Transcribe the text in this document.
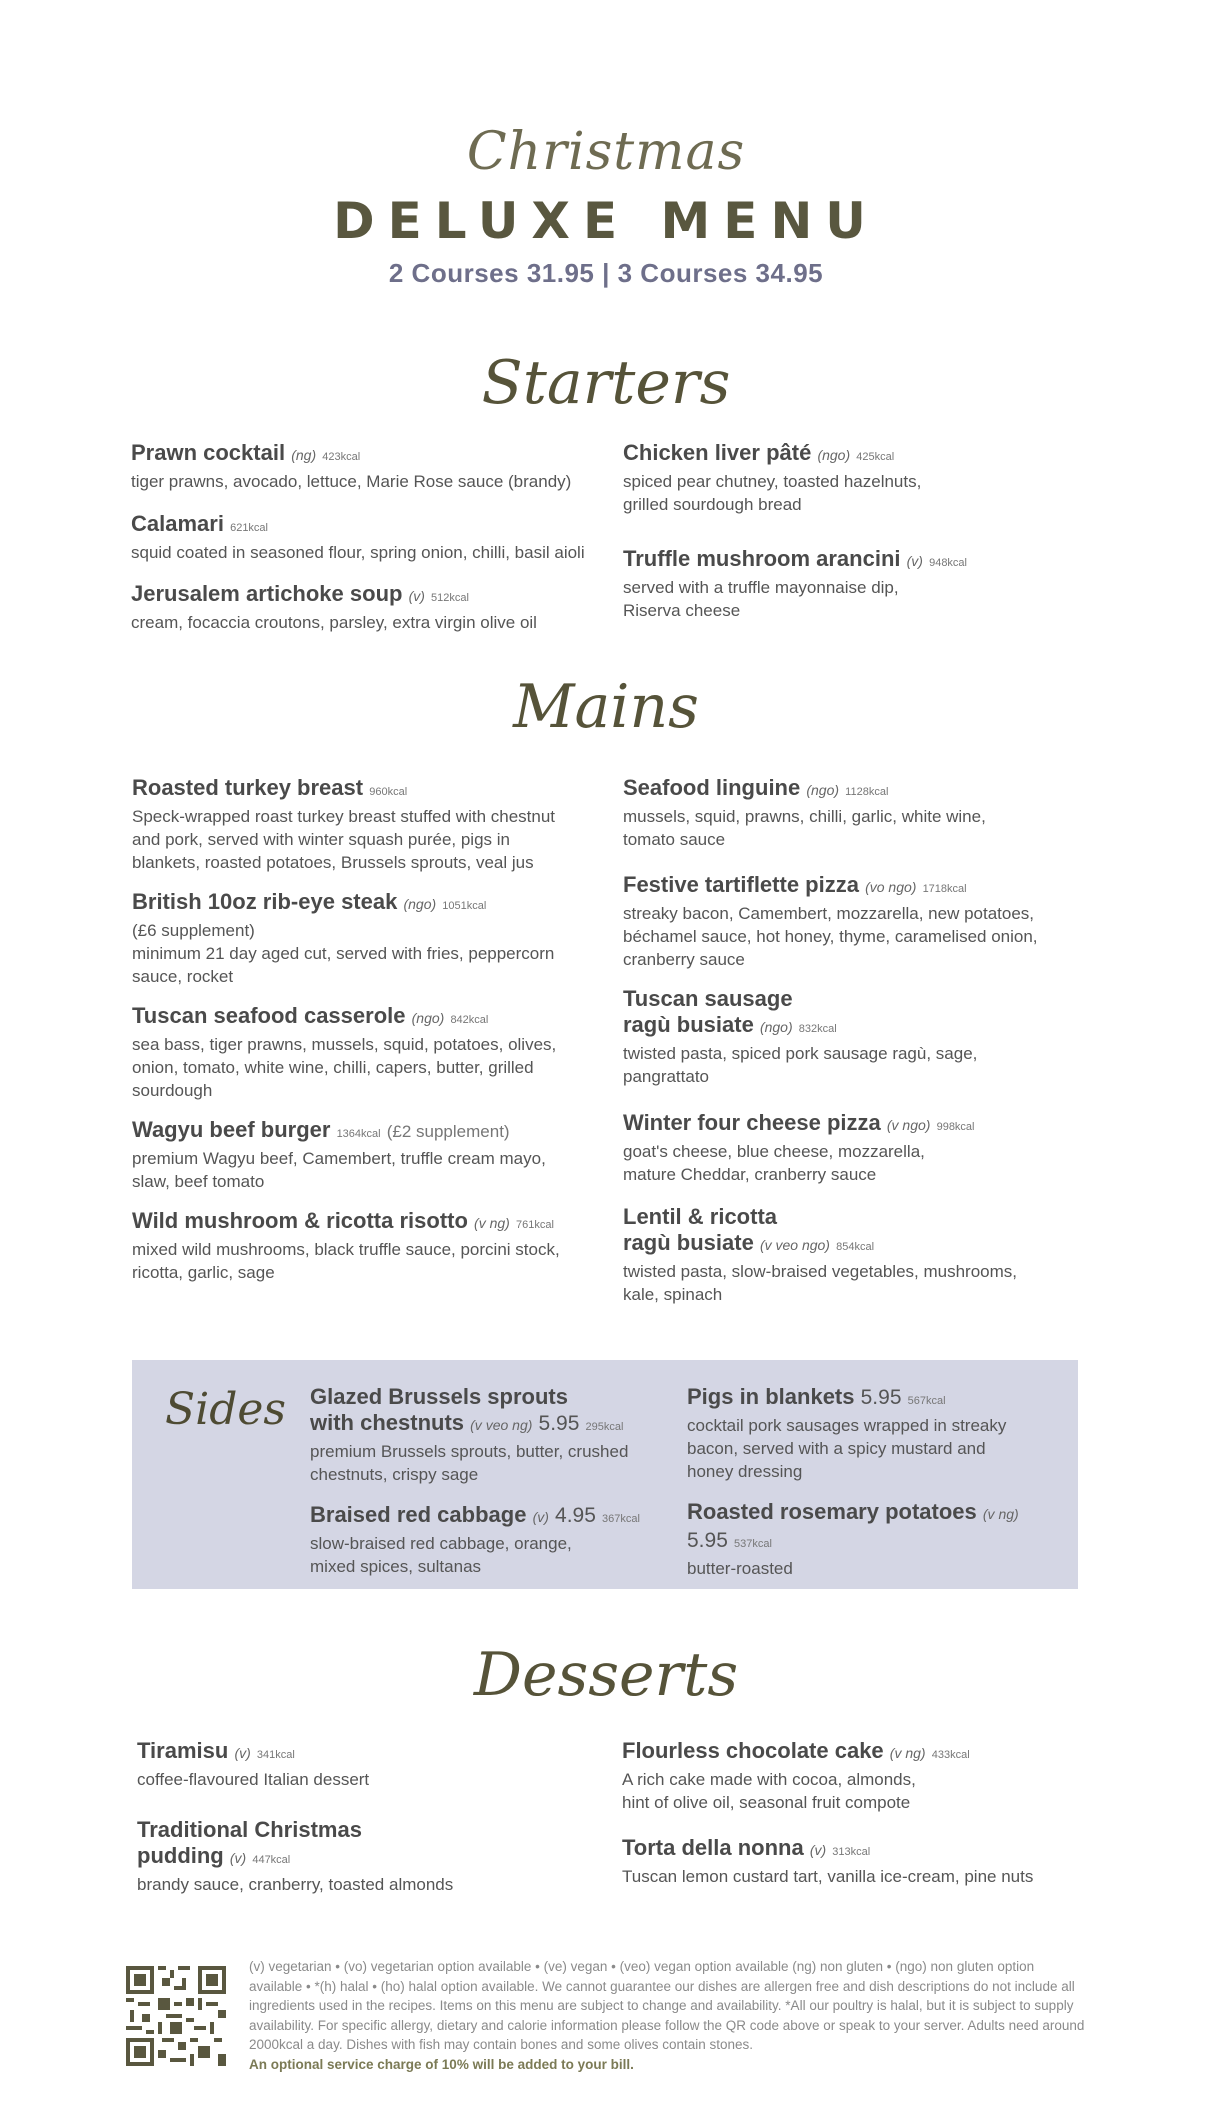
Christmas
DELUXE MENU
2 Courses 31.95 | 3 Courses 34.95
Starters
Prawn cocktail (ng) 423kcal
tiger prawns, avocado, lettuce, Marie Rose sauce (brandy)
Calamari 621kcal
squid coated in seasoned flour, spring onion, chilli, basil aioli
Jerusalem artichoke soup (v) 512kcal
cream, focaccia croutons, parsley, extra virgin olive oil
Chicken liver pâté (ngo) 425kcal
spiced pear chutney, toasted hazelnuts,
grilled sourdough bread
Truffle mushroom arancini (v) 948kcal
served with a truffle mayonnaise dip,
Riserva cheese
Mains
Roasted turkey breast 960kcal
Speck-wrapped roast turkey breast stuffed with chestnut
and pork, served with winter squash purée, pigs in
blankets, roasted potatoes, Brussels sprouts, veal jus
British 10oz rib-eye steak (ngo) 1051kcal
(£6 supplement)
minimum 21 day aged cut, served with fries, peppercorn
sauce, rocket
Tuscan seafood casserole (ngo) 842kcal
sea bass, tiger prawns, mussels, squid, potatoes, olives,
onion, tomato, white wine, chilli, capers, butter, grilled
sourdough
Wagyu beef burger 1364kcal (£2 supplement)
premium Wagyu beef, Camembert, truffle cream mayo,
slaw, beef tomato
Wild mushroom & ricotta risotto (v ng) 761kcal
mixed wild mushrooms, black truffle sauce, porcini stock,
ricotta, garlic, sage
Seafood linguine (ngo) 1128kcal
mussels, squid, prawns, chilli, garlic, white wine,
tomato sauce
Festive tartiflette pizza (vo ngo) 1718kcal
streaky bacon, Camembert, mozzarella, new potatoes,
béchamel sauce, hot honey, thyme, caramelised onion,
cranberry sauce
Tuscan sausage
ragù busiate (ngo) 832kcal
twisted pasta, spiced pork sausage ragù, sage,
pangrattato
Winter four cheese pizza (v ngo) 998kcal
goat's cheese, blue cheese, mozzarella,
mature Cheddar, cranberry sauce
Lentil & ricotta
ragù busiate (v veo ngo) 854kcal
twisted pasta, slow-braised vegetables, mushrooms,
kale, spinach
Sides Glazed Brussels sprouts
with chestnuts (v veo ng) 5.95 295kcal
premium Brussels sprouts, butter, crushed
chestnuts, crispy sage
Braised red cabbage (v) 4.95 367kcal
slow-braised red cabbage, orange,
mixed spices, sultanas
Pigs in blankets 5.95 567kcal
cocktail pork sausages wrapped in streaky
bacon, served with a spicy mustard and
honey dressing
Roasted rosemary potatoes (v ng)
5.95 537kcal
butter-roasted
Desserts
Tiramisu (v) 341kcal
coffee-flavoured Italian dessert
Traditional Christmas
pudding (v) 447kcal
brandy sauce, cranberry, toasted almonds
Flourless chocolate cake (v ng) 433kcal
A rich cake made with cocoa, almonds,
hint of olive oil, seasonal fruit compote
Torta della nonna (v) 313kcal
Tuscan lemon custard tart, vanilla ice-cream, pine nuts
(v) vegetarian • (vo) vegetarian option available • (ve) vegan • (veo) vegan option available (ng) non gluten • (ngo) non gluten option available • *(h) halal • (ho) halal option available. We cannot guarantee our dishes are allergen free and dish descriptions do not include all ingredients used in the recipes. Items on this menu are subject to change and availability. *All our poultry is halal, but it is subject to supply availability. For specific allergy, dietary and calorie information please follow the QR code above or speak to your server. Adults need around 2000kcal a day. Dishes with fish may contain bones and some olives contain stones.
An optional service charge of 10% will be added to your bill.
